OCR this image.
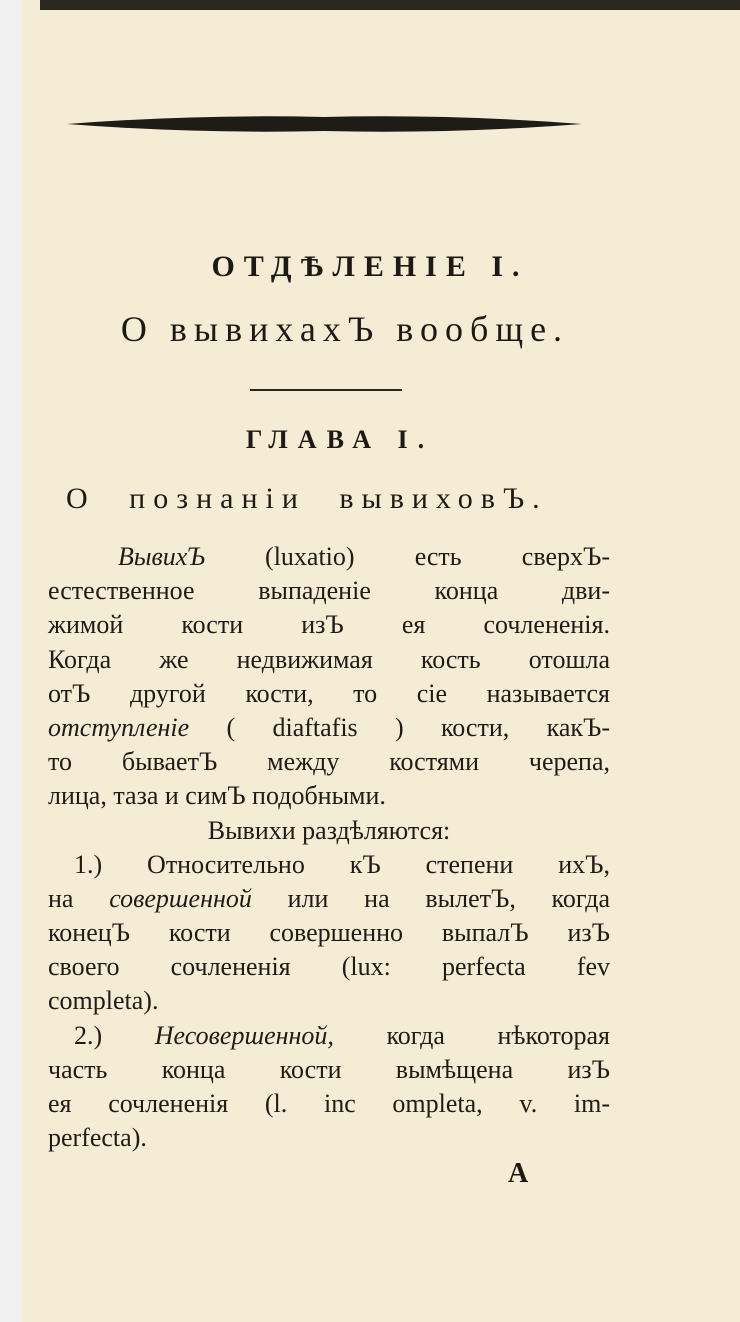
ОТДѢЛЕНІЕ І.
О вывихахЪ вообще.
ГЛАВА І.
О познаніи вывиховЪ.
ВывихЪ (luxatio) есть сверхЪ-
естественное выпаденіе конца дви-
жимой кости изЪ ея сочлененія.
Когда же недвижимая кость отошла
отЪ другой кости, то сіе называется
отступленіе ( diaftafis ) кости, какЪ-
то бываетЪ между костями черепа,
лица, таза и симЪ подобными.
Вывихи раздѣляются:
1.) Относительно кЪ степени ихЪ,
на совершенной или на вылетЪ, когда
конецЪ кости совершенно выпалЪ изЪ
своего сочлененія (lux: perfecta fev
completa).
2.) Несовершенной, когда нѣкоторая
часть конца кости вымѣщена изЪ
ея сочлененія (l. inc ompleta, v. im-
perfecta).
А
